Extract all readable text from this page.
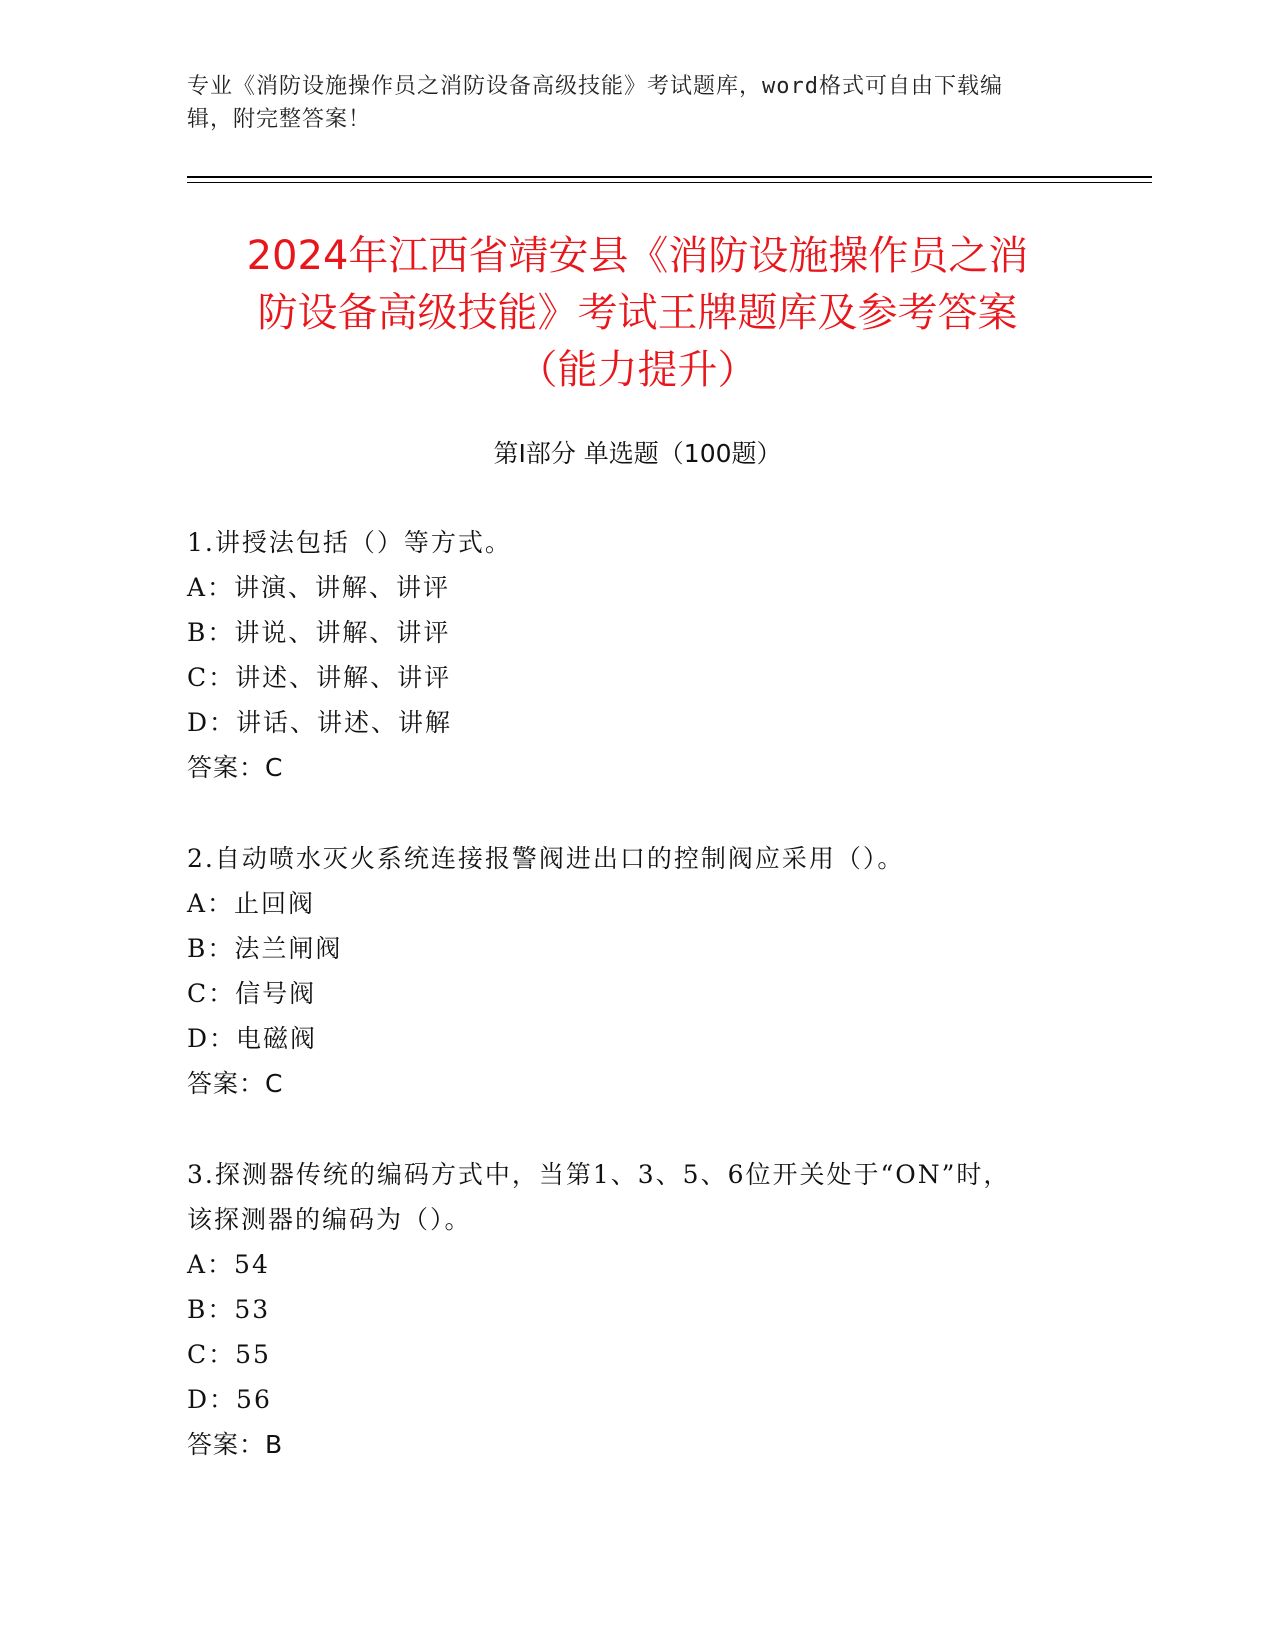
专业《消防设施操作员之消防设备高级技能》考试题库，word格式可自由下载编
辑，附完整答案！
2024年江西省靖安县《消防设施操作员之消
防设备高级技能》考试王牌题库及参考答案
（能力提升）
第Ⅰ部分 单选题（100题）

1.讲授法包括（）等方式。

A：讲演、讲解、讲评

B：讲说、讲解、讲评

C：讲述、讲解、讲评

D：讲话、讲述、讲解

答案：C

2.自动喷水灭火系统连接报警阀进出口的控制阀应采用（）。

A：止回阀

B：法兰闸阀

C：信号阀

D：电磁阀

答案：C

3.探测器传统的编码方式中，当第1、3、5、6位开关处于“ON”时，

该探测器的编码为（）。

A：54

B：53

C：55

D：56

答案：B
